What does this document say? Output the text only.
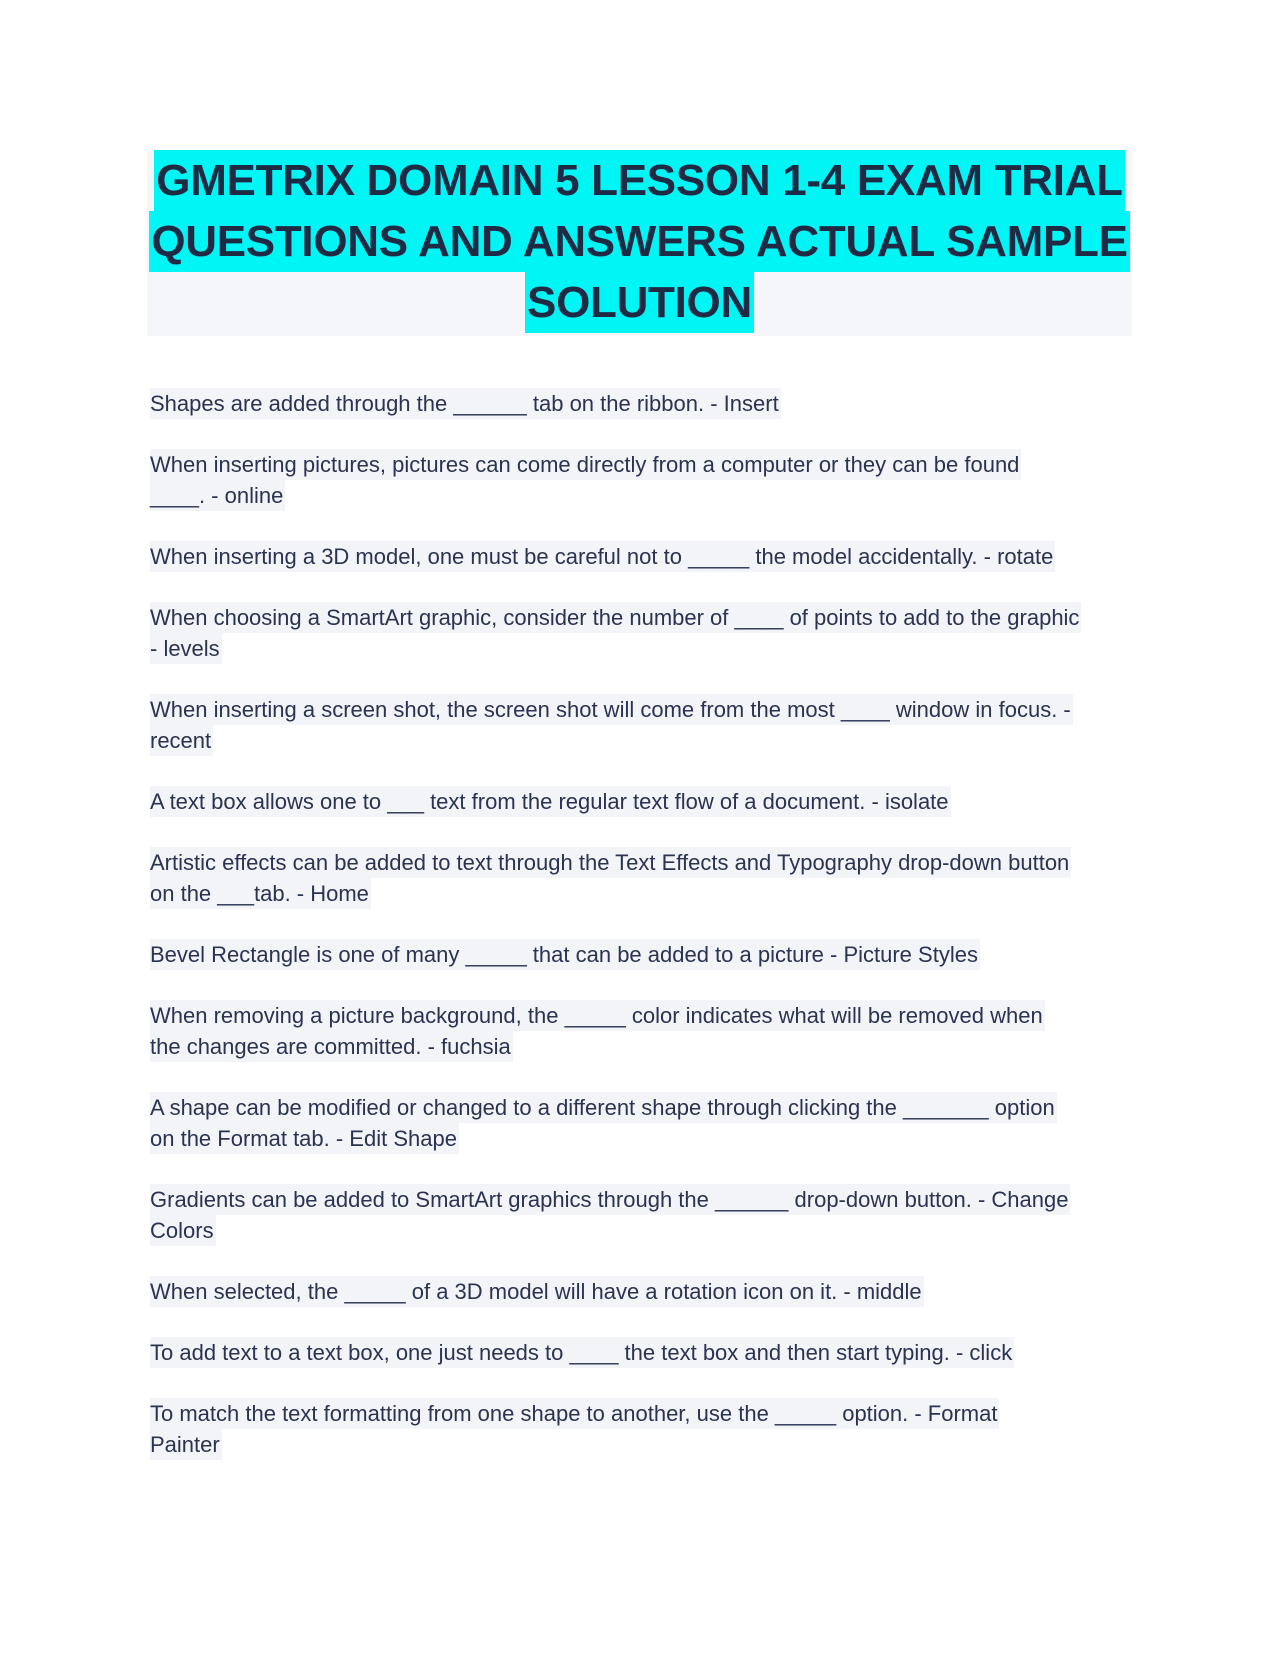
GMETRIX DOMAIN 5 LESSON 1-4 EXAM TRIAL
QUESTIONS AND ANSWERS ACTUAL SAMPLE
SOLUTION
Shapes are added through the ______ tab on the ribbon. - Insert
When inserting pictures, pictures can come directly from a computer or they can be found
____. - online
When inserting a 3D model, one must be careful not to _____ the model accidentally. - rotate
When choosing a SmartArt graphic, consider the number of ____ of points to add to the graphic
- levels
When inserting a screen shot, the screen shot will come from the most ____ window in focus. -
recent
A text box allows one to ___ text from the regular text flow of a document. - isolate
Artistic effects can be added to text through the Text Effects and Typography drop-down button
on the ___tab. - Home
Bevel Rectangle is one of many _____ that can be added to a picture - Picture Styles
When removing a picture background, the _____ color indicates what will be removed when
the changes are committed. - fuchsia
A shape can be modified or changed to a different shape through clicking the _______ option
on the Format tab. - Edit Shape
Gradients can be added to SmartArt graphics through the ______ drop-down button. - Change
Colors
When selected, the _____ of a 3D model will have a rotation icon on it. - middle
To add text to a text box, one just needs to ____ the text box and then start typing. - click
To match the text formatting from one shape to another, use the _____ option. - Format
Painter
